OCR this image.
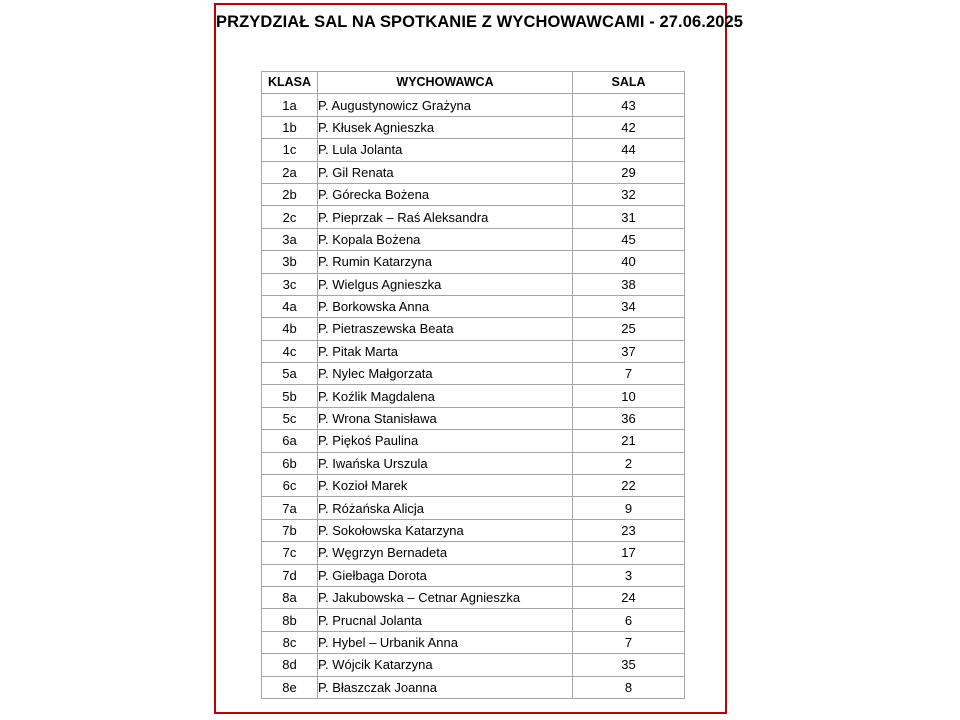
PRZYDZIAŁ SAL NA SPOTKANIE Z WYCHOWAWCAMI - 27.06.2025
KLASA	WYCHOWAWCA	SALA
1a	P. Augustynowicz Grażyna	43
1b	P. Kłusek Agnieszka	42
1c	P. Lula Jolanta	44
2a	P. Gil Renata	29
2b	P. Górecka Bożena	32
2c	P. Pieprzak – Raś Aleksandra	31
3a	P. Kopala Bożena	45
3b	P. Rumin Katarzyna	40
3c	P. Wielgus Agnieszka	38
4a	P. Borkowska Anna	34
4b	P. Pietraszewska Beata	25
4c	P. Pitak Marta	37
5a	P. Nylec Małgorzata	7
5b	P. Koźlik Magdalena	10
5c	P. Wrona Stanisława	36
6a	P. Piękoś Paulina	21
6b	P. Iwańska Urszula	2
6c	P. Kozioł Marek	22
7a	P. Różańska Alicja	9
7b	P. Sokołowska Katarzyna	23
7c	P. Węgrzyn Bernadeta	17
7d	P. Giełbaga Dorota	3
8a	P. Jakubowska – Cetnar Agnieszka	24
8b	P. Prucnal Jolanta	6
8c	P. Hybel – Urbanik Anna	7
8d	P. Wójcik Katarzyna	35
8e	P. Błaszczak Joanna	8
